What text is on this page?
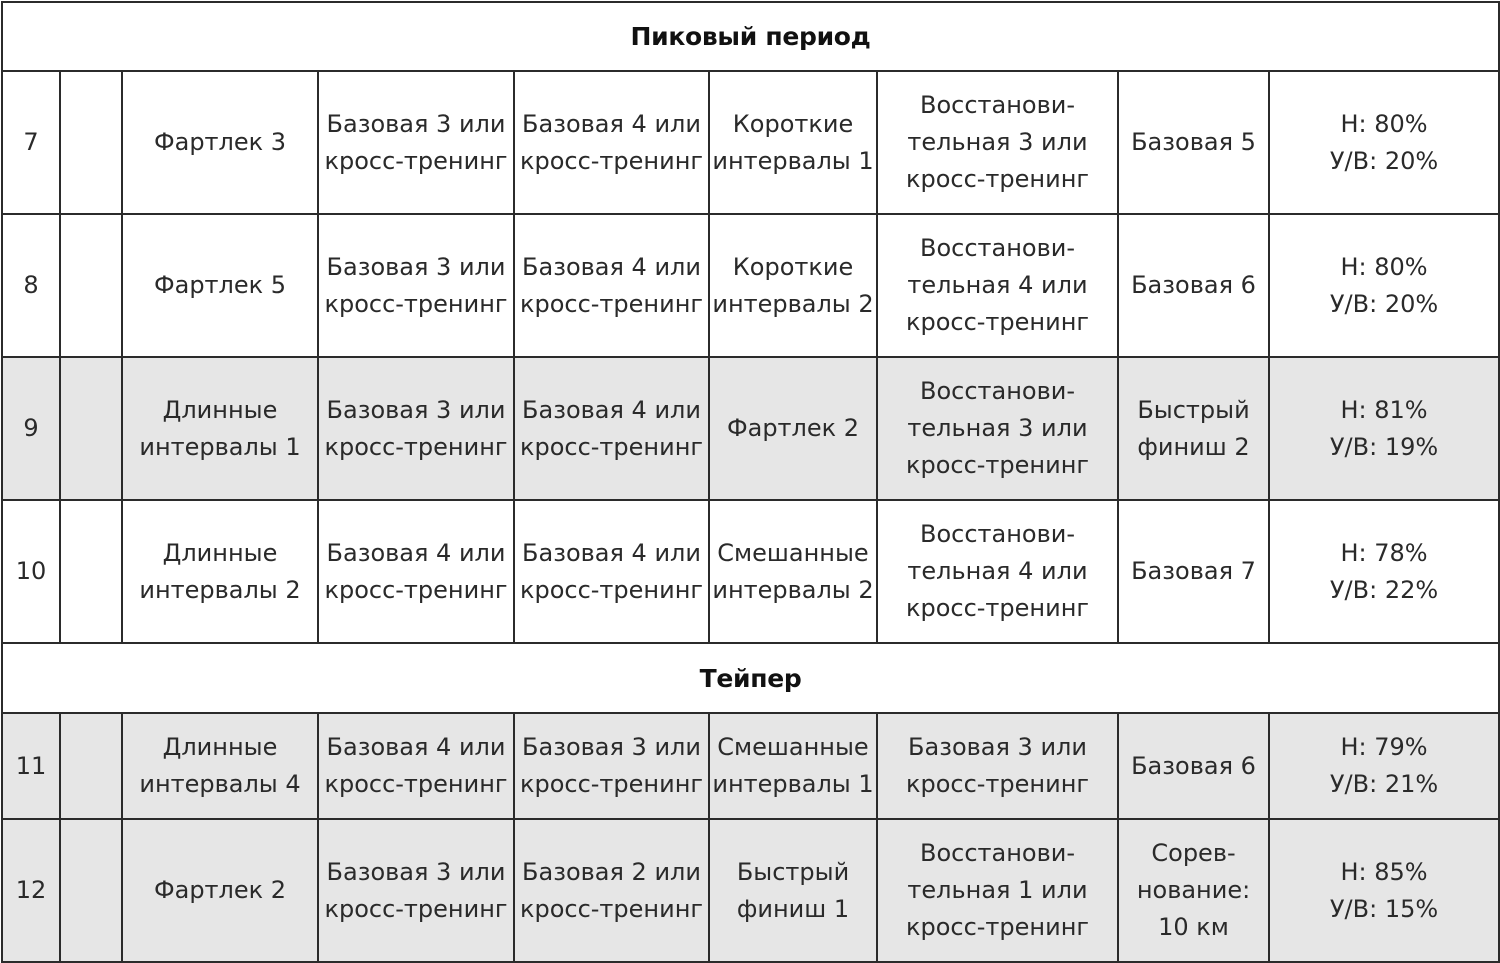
Пиковый период								
7		Фартлек 3	Базовая 3 или
кросс-тренинг	Базовая 4 или
кросс-тренинг	Короткие
интервалы 1	Восстанови-
тельная 3 или
кросс-тренинг	Базовая 5	Н: 80%
У/В: 20%

8		Фартлек 5	Базовая 3 или
кросс-тренинг	Базовая 4 или
кросс-тренинг	Короткие
интервалы 2	Восстанови-
тельная 4 или
кросс-тренинг	Базовая 6	Н: 80%
У/В: 20%

9		Длинные
интервалы 1	Базовая 3 или
кросс-тренинг	Базовая 4 или
кросс-тренинг	Фартлек 2	Восстанови-
тельная 3 или
кросс-тренинг	Быстрый
финиш 2	Н: 81%
У/В: 19%

10		Длинные
интервалы 2	Базовая 4 или
кросс-тренинг	Базовая 4 или
кросс-тренинг	Смешанные
интервалы 2	Восстанови-
тельная 4 или
кросс-тренинг	Базовая 7	Н: 78%
У/В: 22%

Тейпер								
11		Длинные
интервалы 4	Базовая 4 или
кросс-тренинг	Базовая 3 или
кросс-тренинг	Смешанные
интервалы 1	Базовая 3 или
кросс-тренинг	Базовая 6	Н: 79%
У/В: 21%

12		Фартлек 2	Базовая 3 или
кросс-тренинг	Базовая 2 или
кросс-тренинг	Быстрый
финиш 1	Восстанови-
тельная 1 или
кросс-тренинг	Сорев-
нование:
10 км	Н: 85%
У/В: 15%
